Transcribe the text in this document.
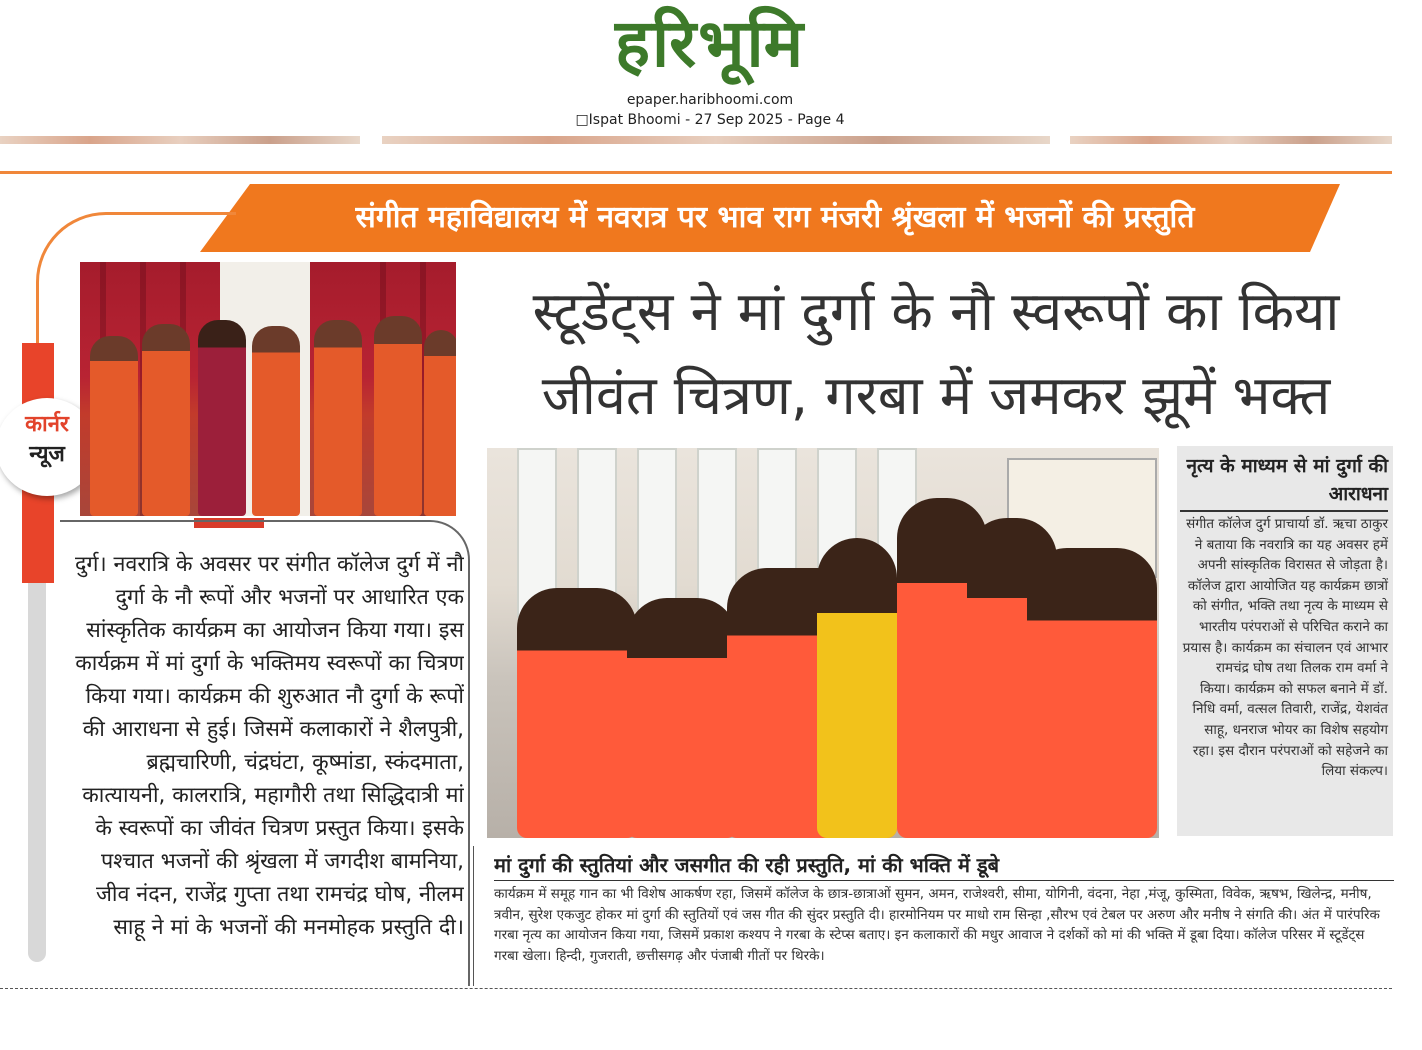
हरिभूमि
epaper.haribhoomi.com
□Ispat Bhoomi - 27 Sep 2025 - Page 4
संगीत महाविद्यालय में नवरात्र पर भाव राग मंजरी श्रृंखला में भजनों की प्रस्तुति
कार्नर
न्यूज
दुर्ग। नवरात्रि के अवसर पर संगीत कॉलेज दुर्ग में नौ दुर्गा के नौ रूपों और भजनों पर आधारित एक सांस्कृतिक कार्यक्रम का आयोजन किया गया। इस कार्यक्रम में मां दुर्गा के भक्तिमय स्वरूपों का चित्रण किया गया। कार्यक्रम की शुरुआत नौ दुर्गा के रूपों की आराधना से हुई। जिसमें कलाकारों ने शैलपुत्री, ब्रह्मचारिणी, चंद्रघंटा, कूष्मांडा, स्कंदमाता, कात्यायनी, कालरात्रि, महागौरी तथा सिद्धिदात्री मां के स्वरूपों का जीवंत चित्रण प्रस्तुत किया। इसके पश्चात भजनों की श्रृंखला में जगदीश बामनिया, जीव नंदन, राजेंद्र गुप्ता तथा रामचंद्र घोष, नीलम साहू ने मां के भजनों की मनमोहक प्रस्तुति दी।
स्टूडेंट्स ने मां दुर्गा के नौ स्वरूपों का किया
जीवंत चित्रण, गरबा में जमकर झूमें भक्त
नृत्य के माध्यम से मां दुर्गा की आराधना
संगीत कॉलेज दुर्ग प्राचार्या डॉ. ऋचा ठाकुर ने बताया कि नवरात्रि का यह अवसर हमें अपनी सांस्कृतिक विरासत से जोड़ता है। कॉलेज द्वारा आयोजित यह कार्यक्रम छात्रों को संगीत, भक्ति तथा नृत्य के माध्यम से भारतीय परंपराओं से परिचित कराने का प्रयास है। कार्यक्रम का संचालन एवं आभार रामचंद्र घोष तथा तिलक राम वर्मा ने किया। कार्यक्रम को सफल बनाने में डॉ. निधि वर्मा, वत्सल तिवारी, राजेंद्र, येशवंत साहू, धनराज भोयर का विशेष सहयोग रहा। इस दौरान परंपराओं को सहेजने का लिया संकल्प।
मां दुर्गा की स्तुतियां और जसगीत की रही प्रस्तुति, मां की भक्ति में डूबे
कार्यक्रम में समूह गान का भी विशेष आकर्षण रहा, जिसमें कॉलेज के छात्र-छात्राओं सुमन, अमन, राजेश्वरी, सीमा, योगिनी, वंदना, नेहा ,मंजू, कुस्मिता, विवेक, ऋषभ, खिलेन्द्र, मनीष, त्रवीन, सुरेश एकजुट होकर मां दुर्गा की स्तुतियों एवं जस गीत की सुंदर प्रस्तुति दी। हारमोनियम पर माधो राम सिन्हा ,सौरभ एवं टेबल पर अरुण और मनीष ने संगति की। अंत में पारंपरिक गरबा नृत्य का आयोजन किया गया, जिसमें प्रकाश कश्यप ने गरबा के स्टेप्स बताए। इन कलाकारों की मधुर आवाज ने दर्शकों को मां की भक्ति में डूबा दिया। कॉलेज परिसर में स्टूडेंट्स गरबा खेला। हिन्दी, गुजराती, छत्तीसगढ़ और पंजाबी गीतों पर थिरके।
